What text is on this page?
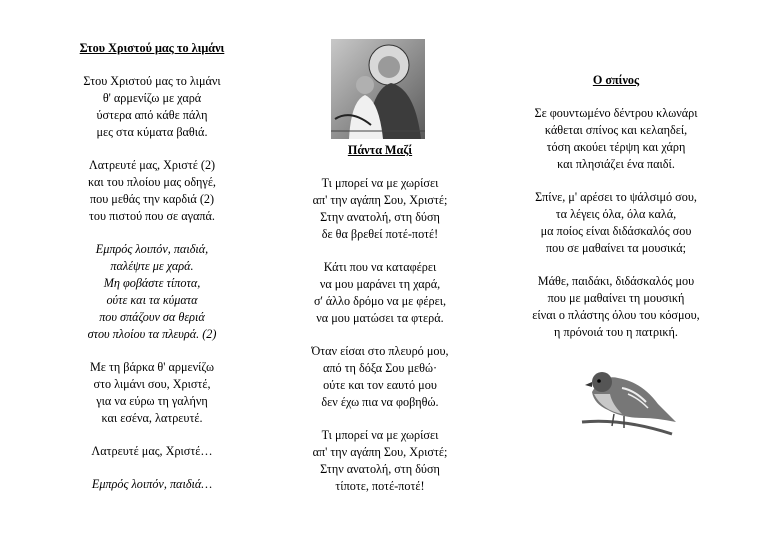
Στου Χριστού μας το λιμάνι

Στου Χριστού μας το λιμάνι

θ' αρμενίζω με χαρά

ύστερα από κάθε πάλη

μες στα κύματα βαθιά.

Λατρευτέ μας, Χριστέ (2)

και του πλοίου μας οδηγέ,

που μεθάς την καρδιά (2)

του πιστού που σε αγαπά.

Εμπρός λοιπόν, παιδιά,

παλέψτε με χαρά.

Μη φοβάστε τίποτα,

ούτε και τα κύματα

που σπάζουν σα θεριά

στου πλοίου τα πλευρά. (2)

Με τη βάρκα θ' αρμενίζω

στο λιμάνι σου, Χριστέ,

για να εύρω τη γαλήνη

και εσένα, λατρευτέ.

Λατρευτέ μας, Χριστέ…

Εμπρός λοιπόν, παιδιά…

Πάντα Μαζί

Τι μπορεί να με χωρίσει

απ' την αγάπη Σου, Χριστέ;

Στην ανατολή, στη δύση

δε θα βρεθεί ποτέ-ποτέ!

Κάτι που να καταφέρει

να μου μαράνει τη χαρά,

σ' άλλο δρόμο να με φέρει,

να μου ματώσει τα φτερά.

Όταν είσαι στο πλευρό μου,

από τη δόξα Σου μεθώ·

ούτε και τον εαυτό μου

δεν έχω πια να φοβηθώ.

Τι μπορεί να με χωρίσει

απ' την αγάπη Σου, Χριστέ;

Στην ανατολή, στη δύση

τίποτε, ποτέ-ποτέ!

Ο σπίνος

Σε φουντωμένο δέντρου κλωνάρι

κάθεται σπίνος και κελαηδεί,

τόση ακούει τέρψη και χάρη

και πλησιάζει ένα παιδί.

Σπίνε, μ' αρέσει το ψάλσιμό σου,

τα λέγεις όλα, όλα καλά,

μα ποίος είναι διδάσκαλός σου

που σε μαθαίνει τα μουσικά;

Μάθε, παιδάκι, διδάσκαλός μου

που με μαθαίνει τη μουσική

είναι ο πλάστης όλου του κόσμου,

η πρόνοιά του η πατρική.
